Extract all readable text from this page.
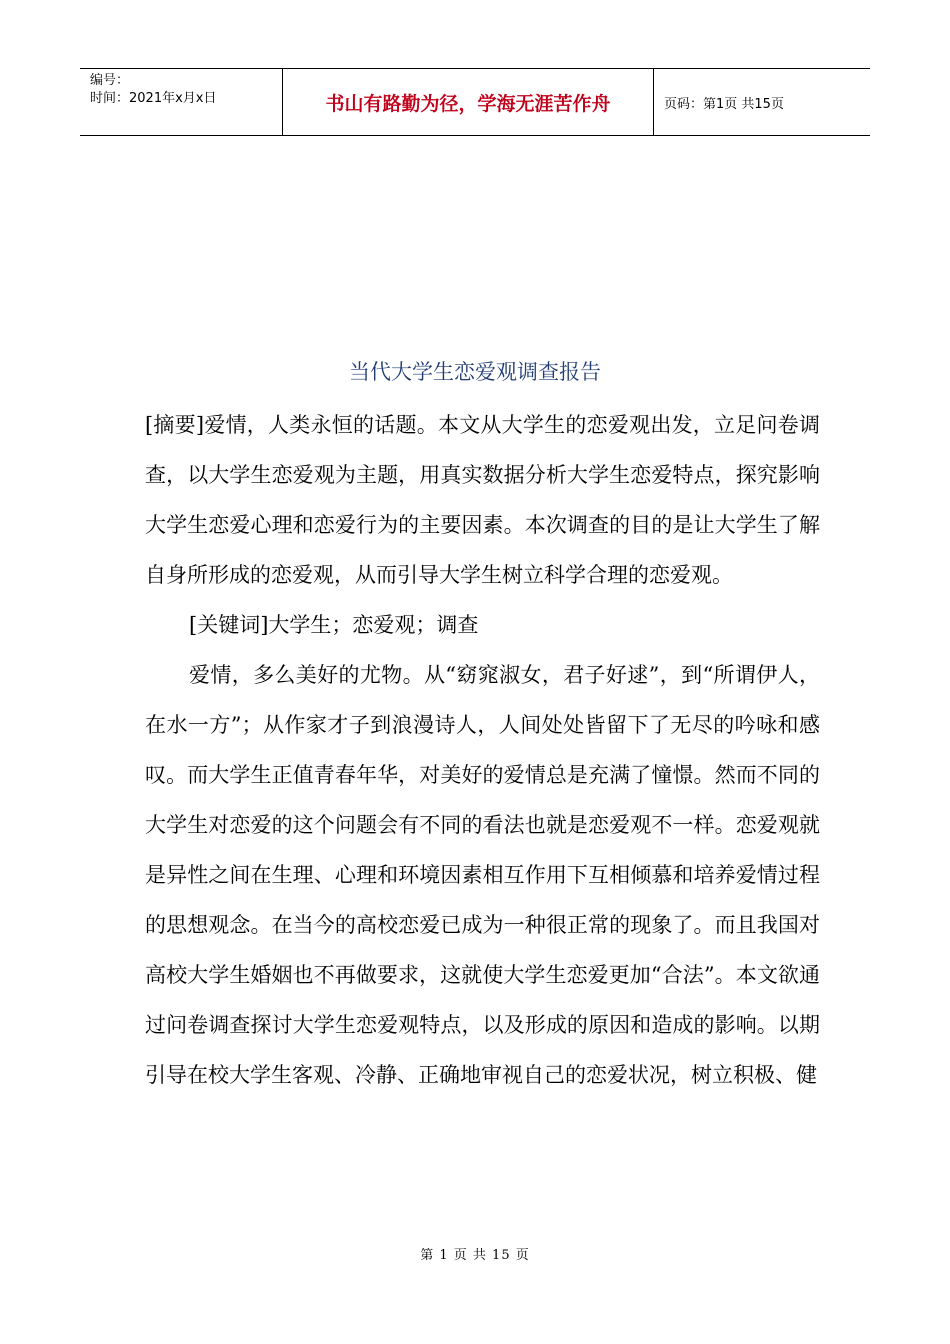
编号：
时间：2021年x月x日	书山有路勤为径，学海无涯苦作舟	页码：第1页 共15页
当代大学生恋爱观调查报告

[摘要]爱情，人类永恒的话题。本文从大学生的恋爱观出发，立足问卷调查，以大学生恋爱观为主题，用真实数据分析大学生恋爱特点，探究影响大学生恋爱心理和恋爱行为的主要因素。本次调查的目的是让大学生了解自身所形成的恋爱观，从而引导大学生树立科学合理的恋爱观。

[关键词]大学生；恋爱观；调查

爱情，多么美好的尤物。从“窈窕淑女，君子好逑”，到“所谓伊人，在水一方”；从作家才子到浪漫诗人，人间处处皆留下了无尽的吟咏和感叹。而大学生正值青春年华，对美好的爱情总是充满了憧憬。然而不同的大学生对恋爱的这个问题会有不同的看法也就是恋爱观不一样。恋爱观就是异性之间在生理、心理和环境因素相互作用下互相倾慕和培养爱情过程的思想观念。在当今的高校恋爱已成为一种很正常的现象了。而且我国对高校大学生婚姻也不再做要求，这就使大学生恋爱更加“合法”。本文欲通过问卷调查探讨大学生恋爱观特点，以及形成的原因和造成的影响。以期引导在校大学生客观、冷静、正确地审视自己的恋爱状况，树立积极、健

第 1 页 共 15 页
